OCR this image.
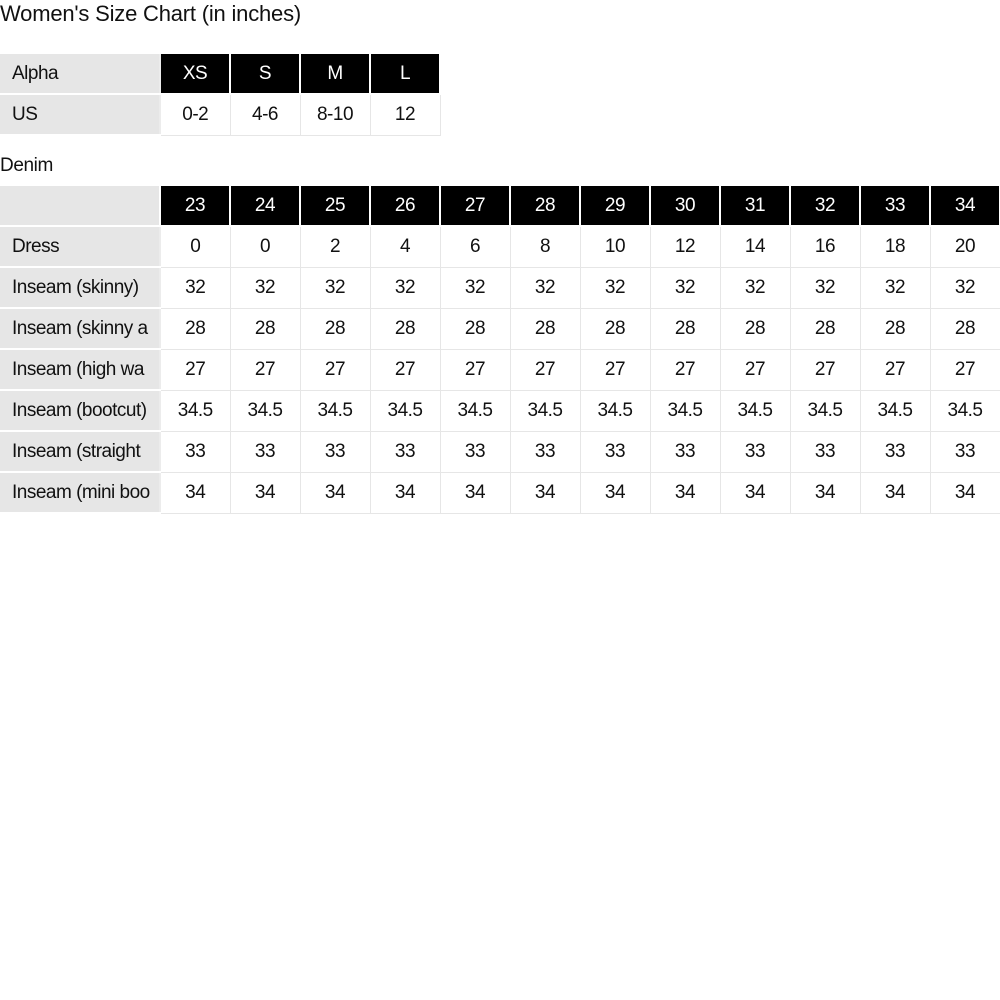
Women's Size Chart (in inches)
Alpha	XS	S	M	L
US	0-2	4-6	8-10	12
Denim
	23	24	25	26	27	28	29	30	31	32	33	34
Dress	0	0	2	4	6	8	10	12	14	16	18	20
Inseam (skinny)	32	32	32	32	32	32	32	32	32	32	32	32
Inseam (skinny a	28	28	28	28	28	28	28	28	28	28	28	28
Inseam (high wa	27	27	27	27	27	27	27	27	27	27	27	27
Inseam (bootcut)	34.5	34.5	34.5	34.5	34.5	34.5	34.5	34.5	34.5	34.5	34.5	34.5
Inseam (straight	33	33	33	33	33	33	33	33	33	33	33	33
Inseam (mini boo	34	34	34	34	34	34	34	34	34	34	34	34
